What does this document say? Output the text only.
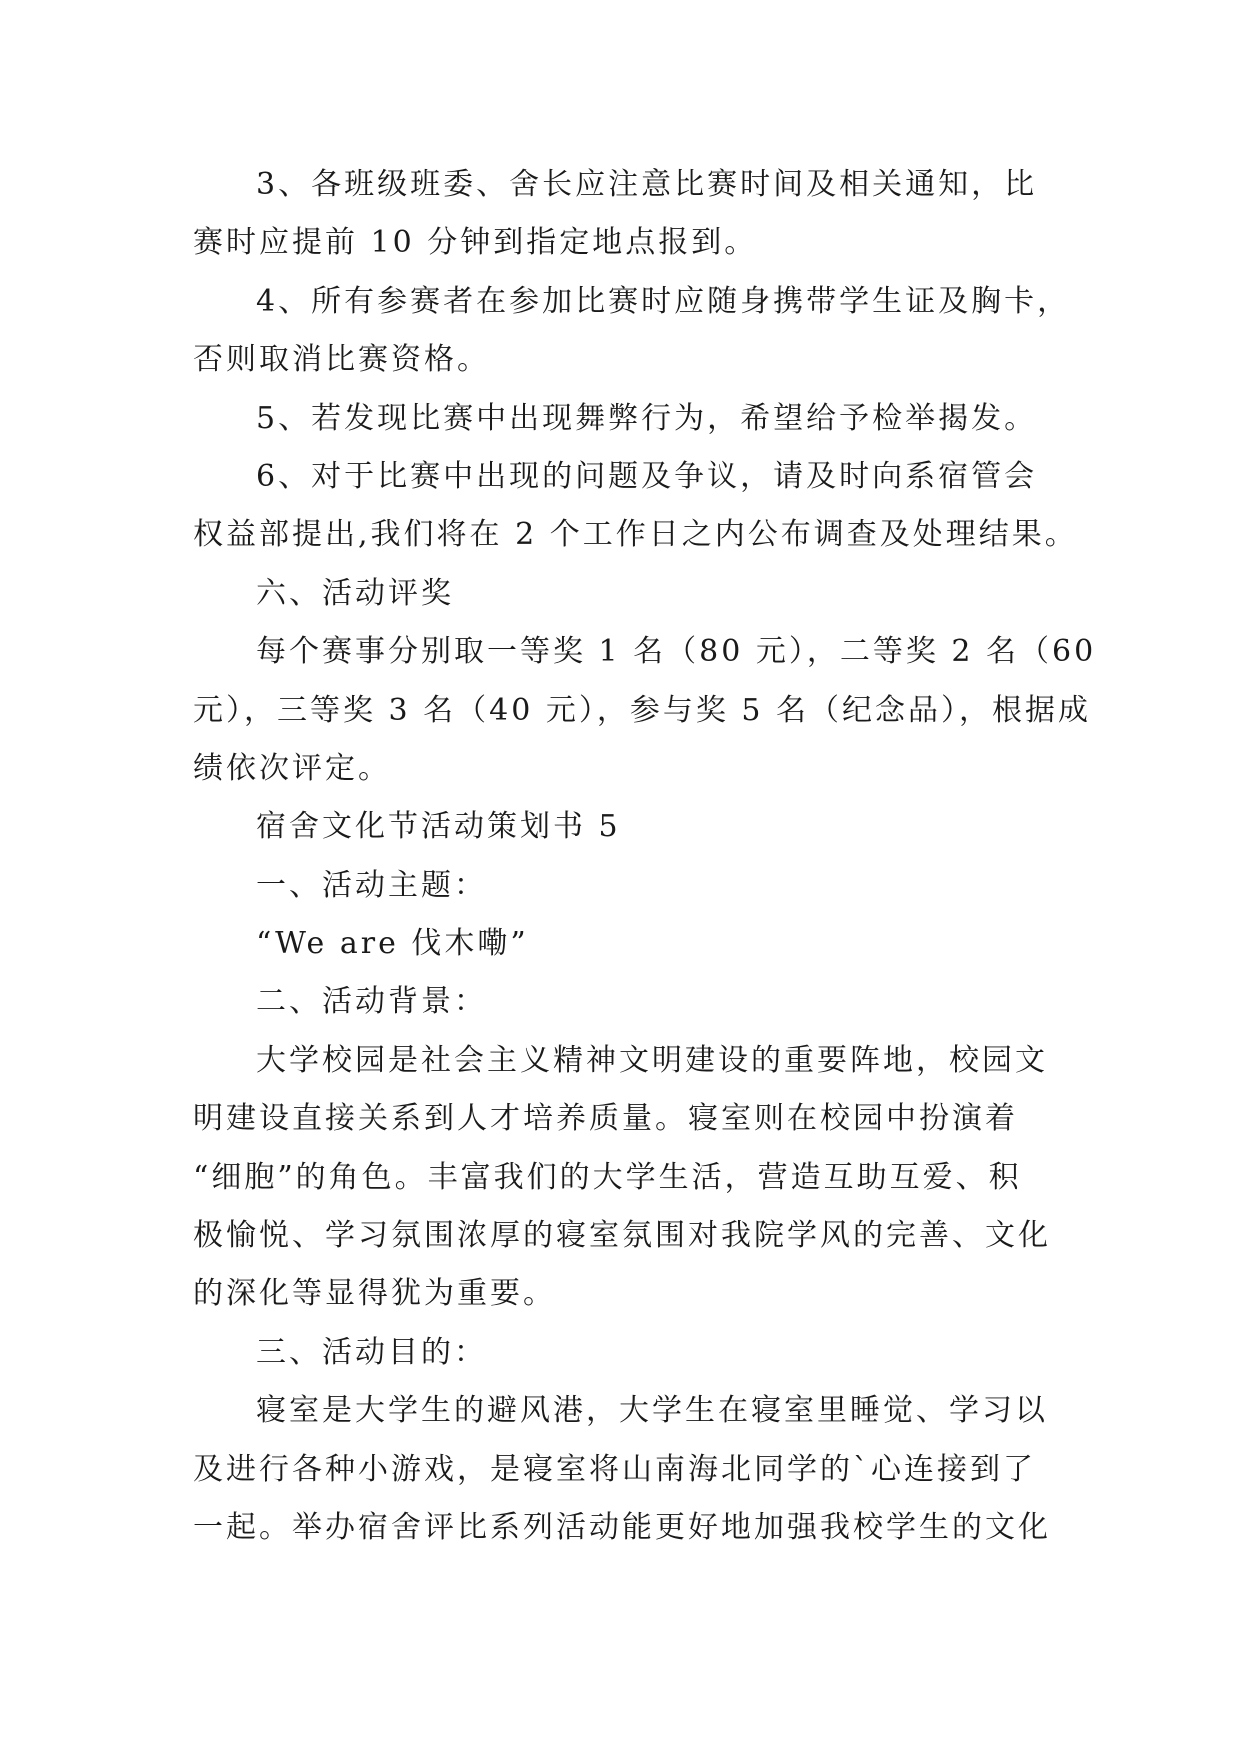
3、各班级班委、舍长应注意比赛时间及相关通知，比
赛时应提前 10 分钟到指定地点报到。
4、所有参赛者在参加比赛时应随身携带学生证及胸卡，
否则取消比赛资格。
5、若发现比赛中出现舞弊行为，希望给予检举揭发。
6、对于比赛中出现的问题及争议，请及时向系宿管会
权益部提出,我们将在 2 个工作日之内公布调查及处理结果。
六、活动评奖
每个赛事分别取一等奖 1 名（80 元），二等奖 2 名（60
元），三等奖 3 名（40 元），参与奖 5 名（纪念品），根据成
绩依次评定。
宿舍文化节活动策划书 5
一、活动主题：
“We are 伐木嘞”
二、活动背景：
大学校园是社会主义精神文明建设的重要阵地，校园文
明建设直接关系到人才培养质量。寝室则在校园中扮演着
“细胞”的角色。丰富我们的大学生活，营造互助互爱、积
极愉悦、学习氛围浓厚的寝室氛围对我院学风的完善、文化
的深化等显得犹为重要。
三、活动目的：
寝室是大学生的避风港，大学生在寝室里睡觉、学习以
及进行各种小游戏，是寝室将山南海北同学的`心连接到了
一起。举办宿舍评比系列活动能更好地加强我校学生的文化
